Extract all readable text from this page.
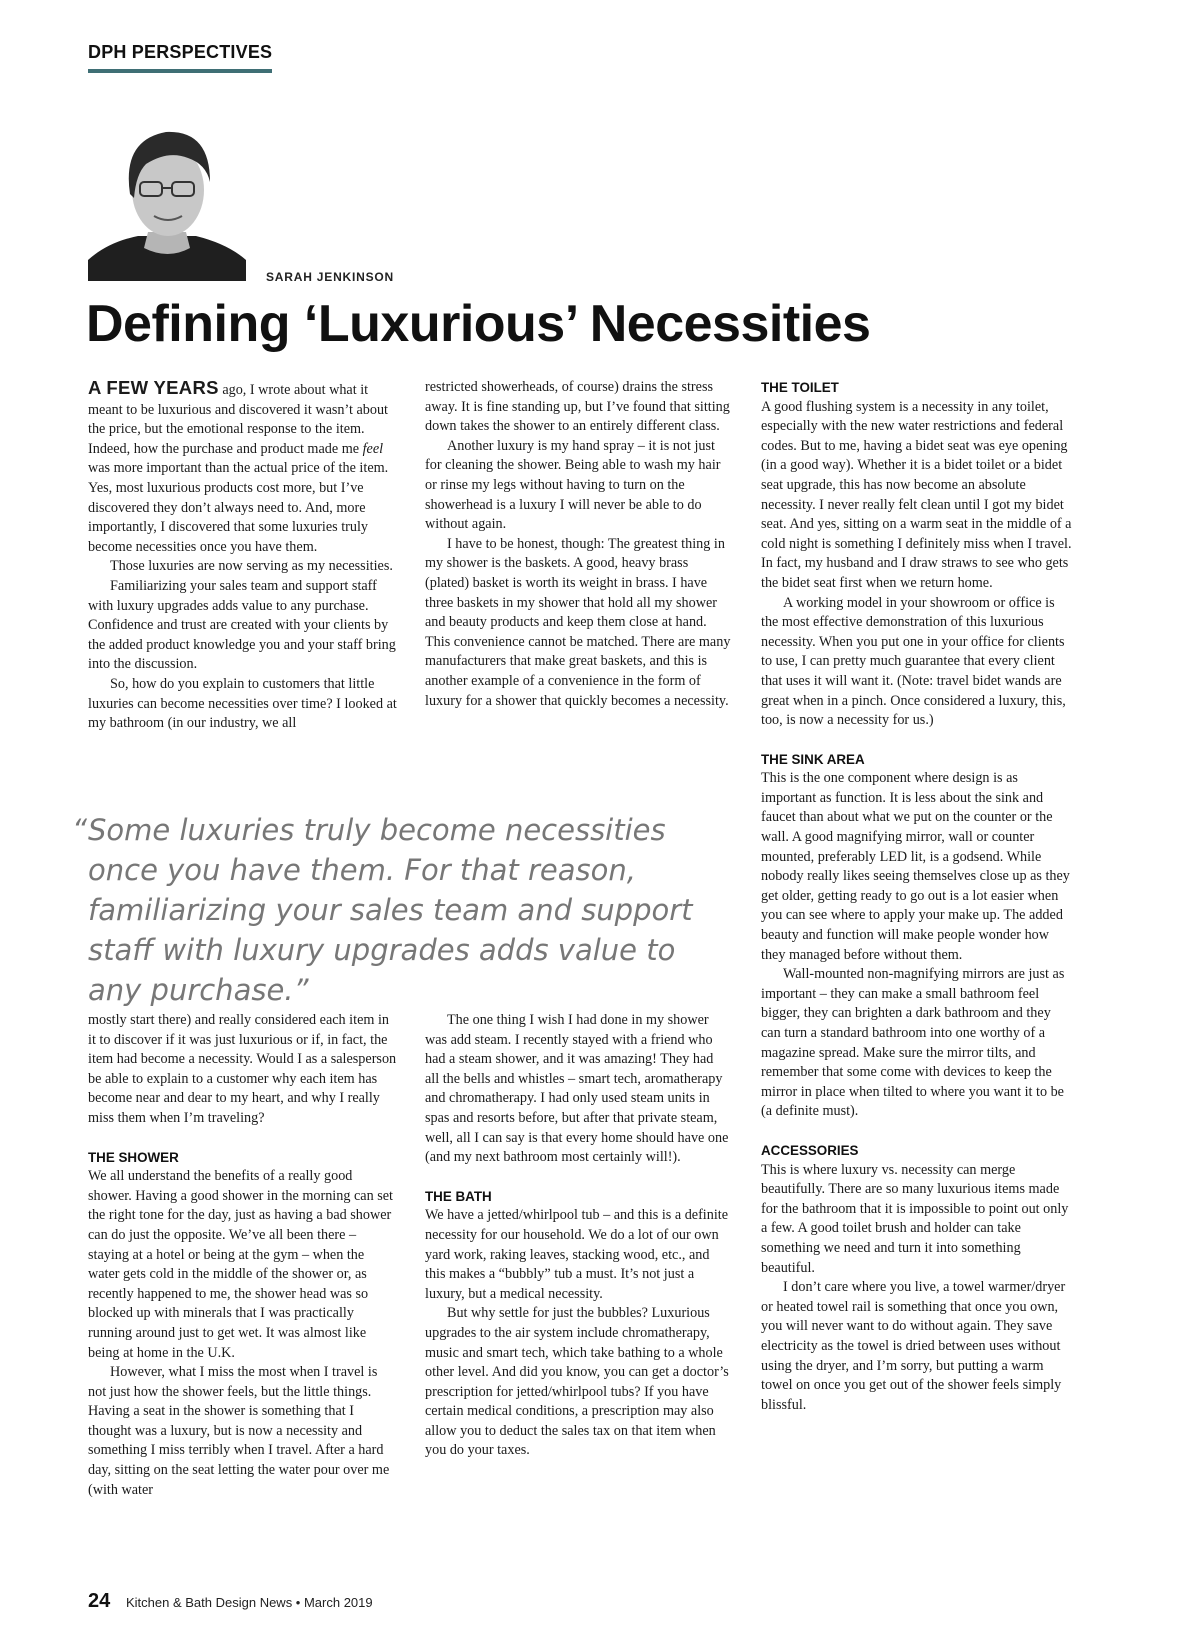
DPH PERSPECTIVES
SARAH JENKINSON
Defining ‘Luxurious’ Necessities

A FEW YEARS ago, I wrote about what it meant to be luxurious and discovered it wasn’t about the price, but the emotional response to the item. Indeed, how the purchase and product made me feel was more important than the actual price of the item. Yes, most luxurious products cost more, but I’ve discovered they don’t always need to. And, more importantly, I discovered that some luxuries truly become necessities once you have them.

Those luxuries are now serving as my necessities.

Familiarizing your sales team and support staff with luxury upgrades adds value to any purchase. Confidence and trust are created with your clients by the added product knowledge you and your staff bring into the discussion.

So, how do you explain to customers that little luxuries can become necessities over time? I looked at my bathroom (in our industry, we all

restricted showerheads, of course) drains the stress away. It is fine standing up, but I’ve found that sitting down takes the shower to an entirely different class.

Another luxury is my hand spray – it is not just for cleaning the shower. Being able to wash my hair or rinse my legs without having to turn on the showerhead is a luxury I will never be able to do without again.

I have to be honest, though: The greatest thing in my shower is the baskets. A good, heavy brass (plated) basket is worth its weight in brass. I have three baskets in my shower that hold all my shower and beauty products and keep them close at hand. This convenience cannot be matched. There are many manufacturers that make great baskets, and this is another example of a convenience in the form of luxury for a shower that quickly becomes a necessity.

THE TOILET

A good flushing system is a necessity in any toilet, especially with the new water restrictions and federal codes. But to me, having a bidet seat was eye opening (in a good way). Whether it is a bidet toilet or a bidet seat upgrade, this has now become an absolute necessity. I never really felt clean until I got my bidet seat. And yes, sitting on a warm seat in the middle of a cold night is something I definitely miss when I travel. In fact, my husband and I draw straws to see who gets the bidet seat first when we return home.

A working model in your showroom or office is the most effective demonstration of this luxurious necessity. When you put one in your office for clients to use, I can pretty much guarantee that every client that uses it will want it. (Note: travel bidet wands are great when in a pinch. Once considered a luxury, this, too, is now a necessity for us.)

THE SINK AREA

This is the one component where design is as important as function. It is less about the sink and faucet than about what we put on the counter or the wall. A good magnifying mirror, wall or counter mounted, preferably LED lit, is a godsend. While nobody really likes seeing themselves close up as they get older, getting ready to go out is a lot easier when you can see where to apply your make up. The added beauty and function will make people wonder how they managed before without them.

Wall-mounted non-magnifying mirrors are just as important – they can make a small bathroom feel bigger, they can brighten a dark bathroom and they can turn a standard bathroom into one worthy of a magazine spread. Make sure the mirror tilts, and remember that some come with devices to keep the mirror in place when tilted to where you want it to be (a definite must).

ACCESSORIES

This is where luxury vs. necessity can merge beautifully. There are so many luxurious items made for the bathroom that it is impossible to point out only a few. A good toilet brush and holder can take something we need and turn it into something beautiful.

I don’t care where you live, a towel warmer/dryer or heated towel rail is something that once you own, you will never want to do without again. They save electricity as the towel is dried between uses without using the dryer, and I’m sorry, but putting a warm towel on once you get out of the shower feels simply blissful.

“ Some luxuries truly become necessities once you have them. For that reason, familiarizing your sales team and support staff with luxury upgrades adds value to any purchase.”

mostly start there) and really considered each item in it to discover if it was just luxurious or if, in fact, the item had become a necessity. Would I as a salesperson be able to explain to a customer why each item has become near and dear to my heart, and why I really miss them when I’m traveling?

THE SHOWER

We all understand the benefits of a really good shower. Having a good shower in the morning can set the right tone for the day, just as having a bad shower can do just the opposite. We’ve all been there – staying at a hotel or being at the gym – when the water gets cold in the middle of the shower or, as recently happened to me, the shower head was so blocked up with minerals that I was practically running around just to get wet. It was almost like being at home in the U.K.

However, what I miss the most when I travel is not just how the shower feels, but the little things. Having a seat in the shower is something that I thought was a luxury, but is now a necessity and something I miss terribly when I travel. After a hard day, sitting on the seat letting the water pour over me (with water

The one thing I wish I had done in my shower was add steam. I recently stayed with a friend who had a steam shower, and it was amazing! They had all the bells and whistles – smart tech, aromatherapy and chromatherapy. I had only used steam units in spas and resorts before, but after that private steam, well, all I can say is that every home should have one (and my next bathroom most certainly will!).

THE BATH

We have a jetted/whirlpool tub – and this is a definite necessity for our household. We do a lot of our own yard work, raking leaves, stacking wood, etc., and this makes a “bubbly” tub a must. It’s not just a luxury, but a medical necessity.

But why settle for just the bubbles? Luxurious upgrades to the air system include chromatherapy, music and smart tech, which take bathing to a whole other level. And did you know, you can get a doctor’s prescription for jetted/whirlpool tubs? If you have certain medical conditions, a prescription may also allow you to deduct the sales tax on that item when you do your taxes.

24 Kitchen & Bath Design News • March 2019
